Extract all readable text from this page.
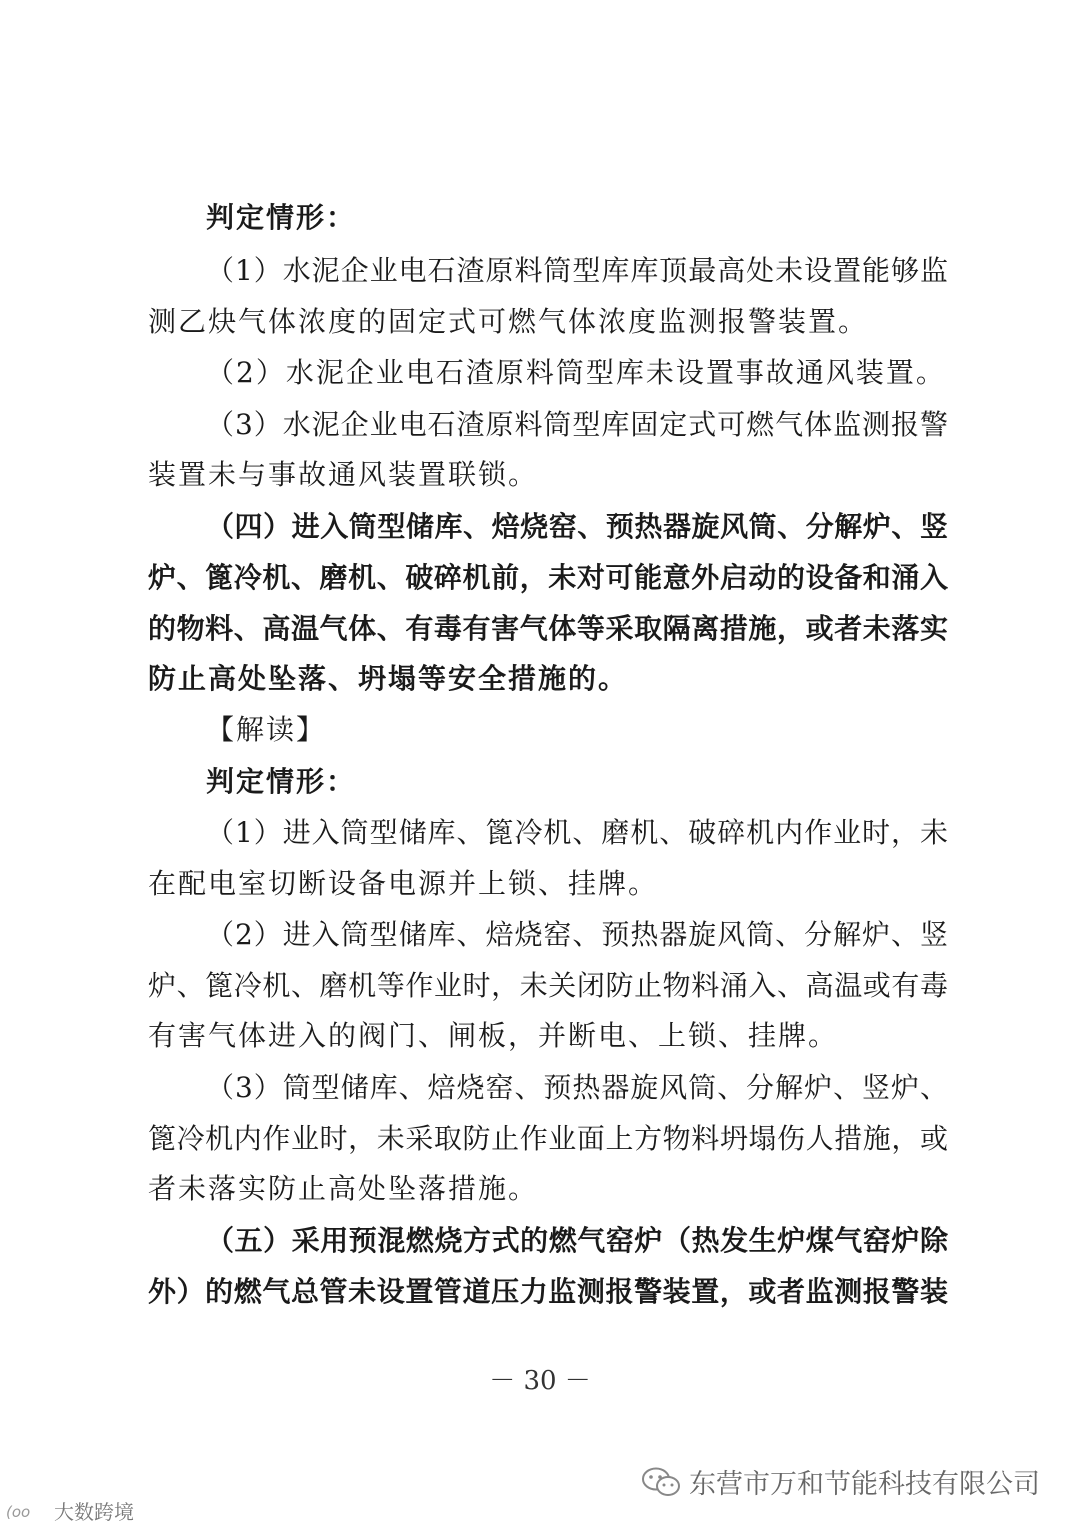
判定情形：
（1）水泥企业电石渣原料筒型库库顶最高处未设置能够监
测乙炔气体浓度的固定式可燃气体浓度监测报警装置。
（2）水泥企业电石渣原料筒型库未设置事故通风装置。
（3）水泥企业电石渣原料筒型库固定式可燃气体监测报警
装置未与事故通风装置联锁。
（四）进入筒型储库、焙烧窑、预热器旋风筒、分解炉、竖
炉、篦冷机、磨机、破碎机前，未对可能意外启动的设备和涌入
的物料、高温气体、有毒有害气体等采取隔离措施，或者未落实
防止高处坠落、坍塌等安全措施的。
【解读】
判定情形：
（1）进入筒型储库、篦冷机、磨机、破碎机内作业时，未
在配电室切断设备电源并上锁、挂牌。
（2）进入筒型储库、焙烧窑、预热器旋风筒、分解炉、竖
炉、篦冷机、磨机等作业时，未关闭防止物料涌入、高温或有毒
有害气体进入的阀门、闸板，并断电、上锁、挂牌。
（3）筒型储库、焙烧窑、预热器旋风筒、分解炉、竖炉、
篦冷机内作业时，未采取防止作业面上方物料坍塌伤人措施，或
者未落实防止高处坠落措施。
（五）采用预混燃烧方式的燃气窑炉（热发生炉煤气窑炉除
外）的燃气总管未设置管道压力监测报警装置，或者监测报警装
－ 30 －
东营市万和节能科技有限公司
(oo 大数跨境
